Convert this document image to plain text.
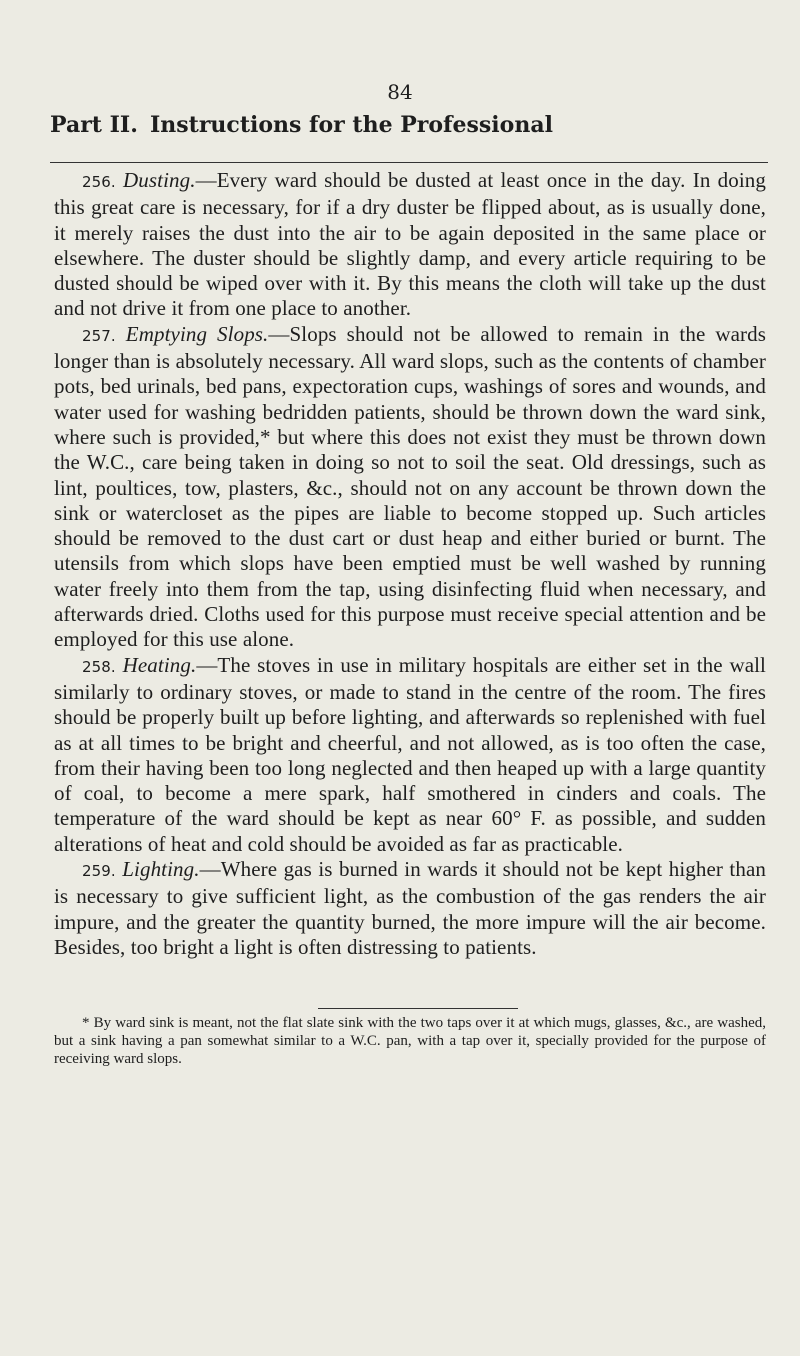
84
Part II. Instructions for the Professional

256. Dusting.—Every ward should be dusted at least once in the day. In doing this great care is necessary, for if a dry duster be flipped about, as is usually done, it merely raises the dust into the air to be again deposited in the same place or elsewhere. The duster should be slightly damp, and every article requiring to be dusted should be wiped over with it. By this means the cloth will take up the dust and not drive it from one place to another.

257. Emptying Slops.—Slops should not be allowed to remain in the wards longer than is absolutely necessary. All ward slops, such as the contents of chamber pots, bed urinals, bed pans, expectoration cups, washings of sores and wounds, and water used for washing bedridden patients, should be thrown down the ward sink, where such is provided,* but where this does not exist they must be thrown down the W.C., care being taken in doing so not to soil the seat. Old dressings, such as lint, poultices, tow, plasters, &c., should not on any account be thrown down the sink or watercloset as the pipes are liable to become stopped up. Such articles should be removed to the dust cart or dust heap and either buried or burnt. The utensils from which slops have been emptied must be well washed by running water freely into them from the tap, using disinfecting fluid when necessary, and afterwards dried. Cloths used for this purpose must receive special attention and be employed for this use alone.

258. Heating.—The stoves in use in military hospitals are either set in the wall similarly to ordinary stoves, or made to stand in the centre of the room. The fires should be properly built up before lighting, and afterwards so replenished with fuel as at all times to be bright and cheerful, and not allowed, as is too often the case, from their having been too long neglected and then heaped up with a large quantity of coal, to become a mere spark, half smothered in cinders and coals. The temperature of the ward should be kept as near 60° F. as possible, and sudden alterations of heat and cold should be avoided as far as practicable.

259. Lighting.—Where gas is burned in wards it should not be kept higher than is necessary to give sufficient light, as the combustion of the gas renders the air impure, and the greater the quantity burned, the more impure will the air become. Besides, too bright a light is often distressing to patients.

* By ward sink is meant, not the flat slate sink with the two taps over it at which mugs, glasses, &c., are washed, but a sink having a pan somewhat similar to a W.C. pan, with a tap over it, specially provided for the purpose of receiving ward slops.
